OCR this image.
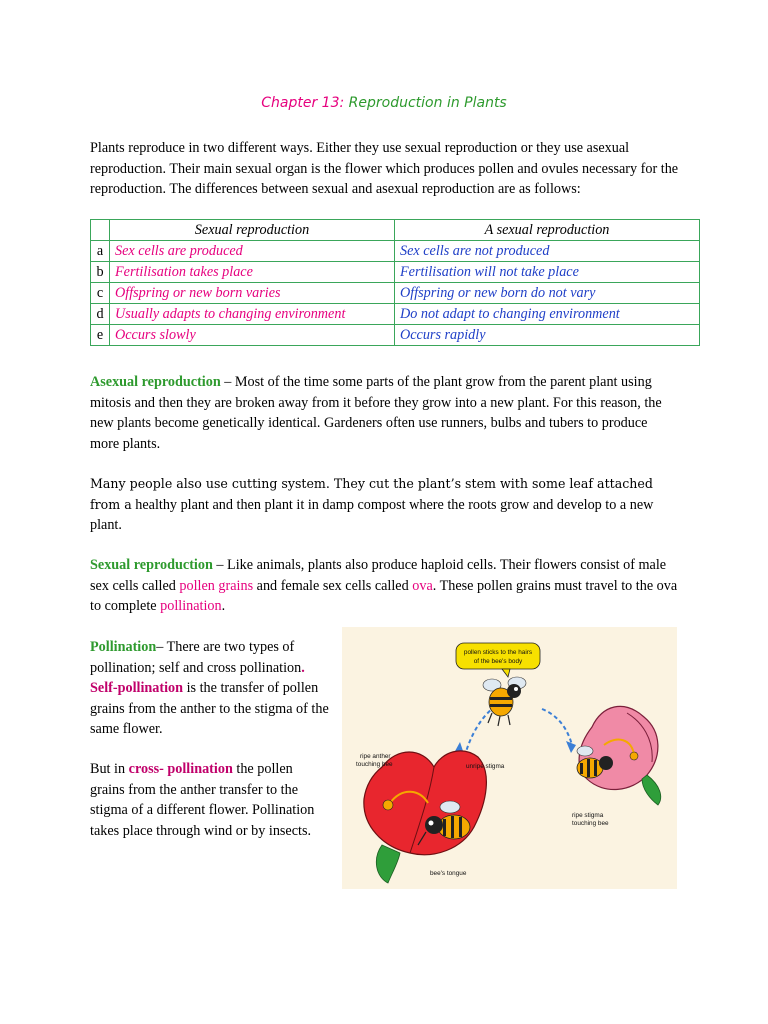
Chapter 13: Reproduction in Plants

Plants reproduce in two different ways. Either they use sexual reproduction or they use asexual reproduction. Their main sexual organ is the flower which produces pollen and ovules necessary for the reproduction. The differences between sexual and asexual reproduction are as follows:

	Sexual reproduction	A sexual reproduction
a	Sex cells are produced	Sex cells are not produced
b	Fertilisation takes place	Fertilisation will not take place
c	Offspring or new born varies	Offspring or new born do not vary
d	Usually adapts to changing environment	Do not adapt to changing environment
e	Occurs slowly	Occurs rapidly

Asexual reproduction – Most of the time some parts of the plant grow from the parent plant using mitosis and then they are broken away from it before they grow into a new plant. For this reason, the new plants become genetically identical. Gardeners often use runners, bulbs and tubers to produce more plants.

Many people also use cutting system. They cut the plant’s stem with some leaf attached from a healthy plant and then plant it in damp compost where the roots grow and develop to a new plant.

Sexual reproduction – Like animals, plants also produce haploid cells. Their flowers consist of male sex cells called pollen grains and female sex cells called ova. These pollen grains must travel to the ova to complete pollination.

Pollination– There are two types of pollination; self and cross pollination. Self-pollination is the transfer of pollen grains from the anther to the stigma of the same flower.

But in cross- pollination the pollen grains from the anther transfer to the stigma of a different flower. Pollination takes place through wind or by insects.

pollen sticks to the hairs
of the bee's body
ripe anther
touching bee	unripe stigma
ripe stigma
touching bee
bee's tongue
